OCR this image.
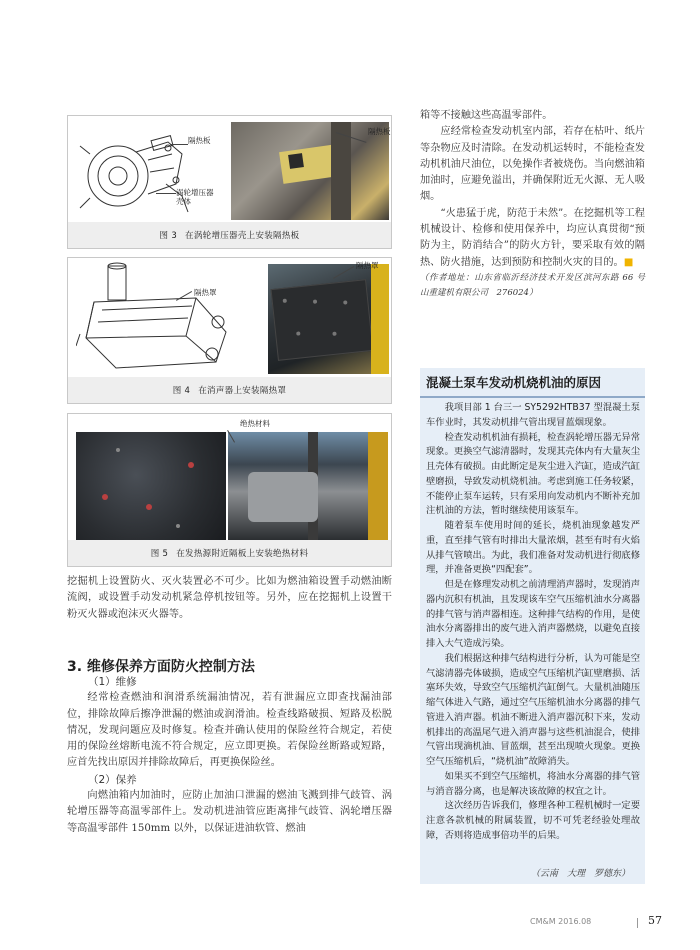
隔热板
隔热板
涡轮增压器
壳体
图 3 在涡轮增压器壳上安装隔热板
隔热罩
隔热罩
图 4 在消声器上安装隔热罩
绝热材料
图 5 在发热源附近隔板上安装绝热材料

挖掘机上设置防火、灭火装置必不可少。比如为燃油箱设置手动燃油断流阀，或设置手动发动机紧急停机按钮等。另外，应在挖掘机上设置干粉灭火器或泡沫灭火器等。

3. 维修保养方面防火控制方法

（1）维修

经常检查燃油和润滑系统漏油情况，若有泄漏应立即查找漏油部位，排除故障后擦净泄漏的燃油或润滑油。检查线路破损、短路及松脱情况，发现问题应及时修复。检查并确认使用的保险丝符合规定，若使用的保险丝熔断电流不符合规定，应立即更换。若保险丝断路或短路，应首先找出原因并排除故障后，再更换保险丝。

（2）保养

向燃油箱内加油时，应防止加油口泄漏的燃油飞溅到排气歧管、涡轮增压器等高温零部件上。发动机进油管应距离排气歧管、涡轮增压器等高温零部件 150mm 以外，以保证进油软管、燃油

箱等不接触这些高温零部件。

应经常检查发动机室内部，若存在枯叶、纸片等杂物应及时清除。在发动机运转时，不能检查发动机机油尺油位，以免操作者被烧伤。当向燃油箱加油时，应避免溢出，并确保附近无火源、无人吸烟。

“火患猛于虎，防范于未然”。在挖掘机等工程机械设计、检修和使用保养中，均应认真贯彻“预防为主，防消结合”的防火方针，要采取有效的隔热、防火措施，达到预防和控制火灾的目的。■

（作者地址：山东省临沂经济技术开发区滨河东路 66 号　山重建机有限公司　276024）

混凝土泵车发动机烧机油的原因

我项目部 1 台三一 SY5292HTB37 型混凝土泵车作业时，其发动机排气管出现冒蓝烟现象。

检查发动机机油有损耗，检查涡轮增压器无异常现象。更换空气滤清器时，发现其壳体内有大量灰尘且壳体有破损。由此断定是灰尘进入汽缸，造成汽缸壁磨损，导致发动机烧机油。考虑到施工任务较紧，不能停止泵车运转，只有采用向发动机内不断补充加注机油的方法，暂时继续使用该泵车。

随着泵车使用时间的延长，烧机油现象越发严重，直至排气管有时排出大量浓烟，甚至有时有火焰从排气管喷出。为此，我们准备对发动机进行彻底修理，并准备更换“四配套”。

但是在修理发动机之前清理消声器时，发现消声器内沉积有机油，且发现该车空气压缩机油水分离器的排气管与消声器相连。这种排气结构的作用，是使油水分离器排出的废气进入消声器燃烧，以避免直接排入大气造成污染。

我们根据这种排气结构进行分析，认为可能是空气滤清器壳体破损，造成空气压缩机汽缸壁磨损、活塞环失效，导致空气压缩机汽缸倒气。大量机油随压缩气体进入气路，通过空气压缩机油水分离器的排气管进入消声器。机油不断进入消声器沉积下来，发动机排出的高温尾气进入消声器与这些机油混合，使排气管出现滴机油、冒蓝烟，甚至出现喷火现象。更换空气压缩机后，“烧机油”故障消失。

如果买不到空气压缩机，将油水分离器的排气管与消音器分离，也是解决该故障的权宜之计。

这次经历告诉我们，修理各种工程机械时一定要注意各款机械的附属装置，切不可凭老经验处理故障，否则将造成事倍功半的后果。

（云南　大理　罗德东）
CM&M 2016.08	57
